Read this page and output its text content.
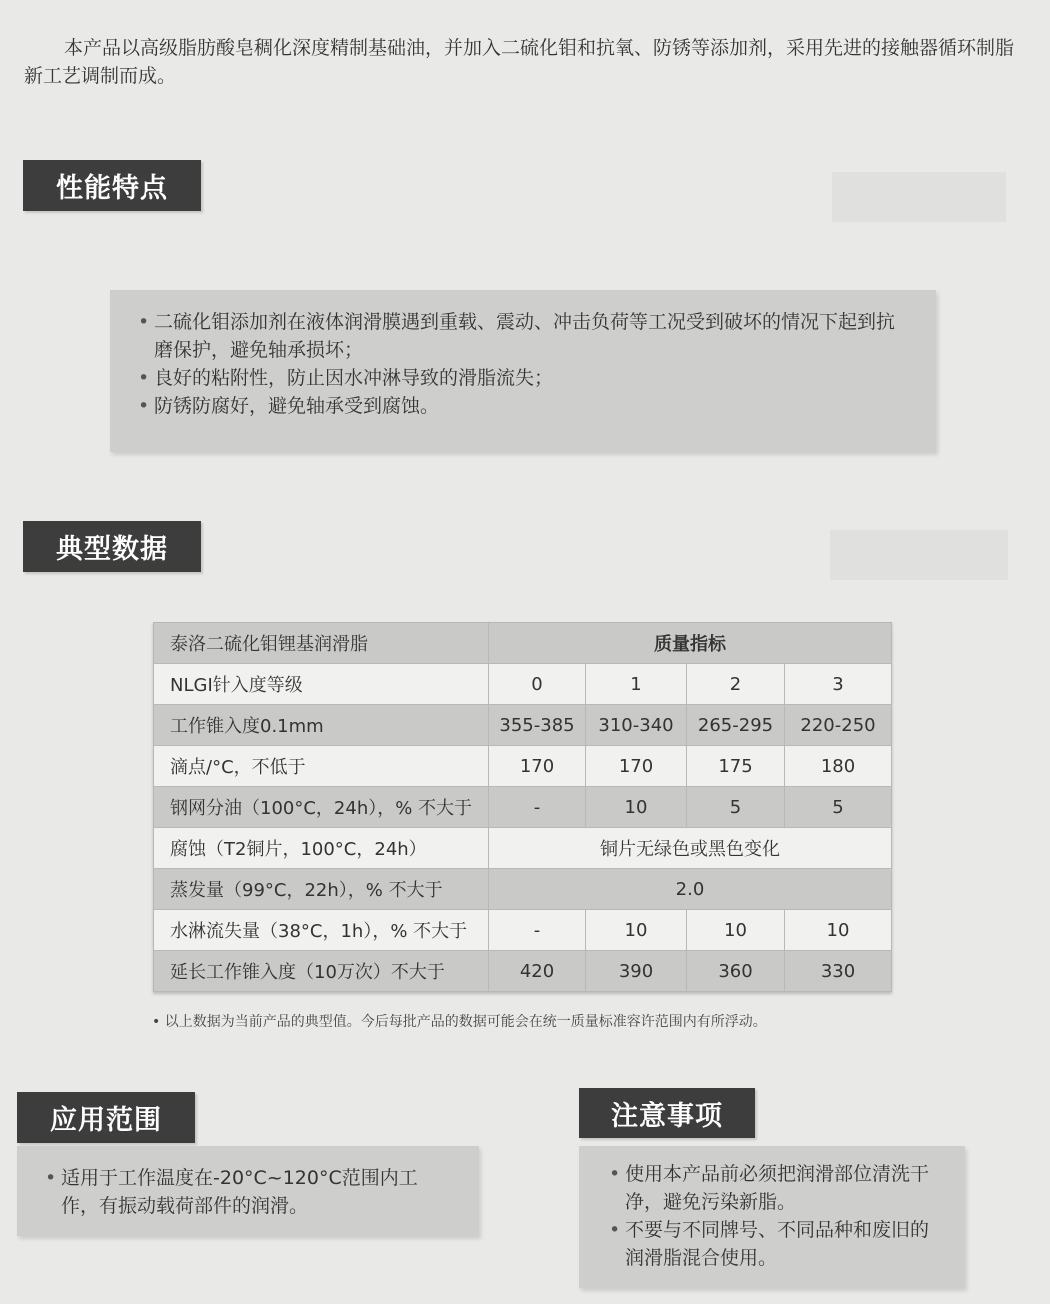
本产品以高级脂肪酸皂稠化深度精制基础油，并加入二硫化钼和抗氧、防锈等添加剂，采用先进的接触器循环制脂新工艺调制而成。

性能特点
• 二硫化钼添加剂在液体润滑膜遇到重载、震动、冲击负荷等工况受到破坏的情况下起到抗磨保护，避免轴承损坏；
• 良好的粘附性，防止因水冲淋导致的滑脂流失；
• 防锈防腐好，避免轴承受到腐蚀。
典型数据
泰洛二硫化钼锂基润滑脂	质量指标			
NLGI针入度等级	0	1	2	3
工作锥入度0.1mm	355-385	310-340	265-295	220-250
滴点/°C，不低于	170	170	175	180
钢网分油（100°C，24h），% 不大于	-	10	5	5
腐蚀（T2铜片，100°C，24h）	铜片无绿色或黑色变化			
蒸发量（99°C，22h），% 不大于	2.0			
水淋流失量（38°C，1h），% 不大于	-	10	10	10
延长工作锥入度（10万次）不大于	420	390	360	330
• 以上数据为当前产品的典型值。今后每批产品的数据可能会在统一质量标准容许范围内有所浮动。
应用范围
• 适用于工作温度在-20°C~120°C范围内工作，有振动载荷部件的润滑。
注意事项
• 使用本产品前必须把润滑部位清洗干净，避免污染新脂。
• 不要与不同牌号、不同品种和废旧的润滑脂混合使用。
